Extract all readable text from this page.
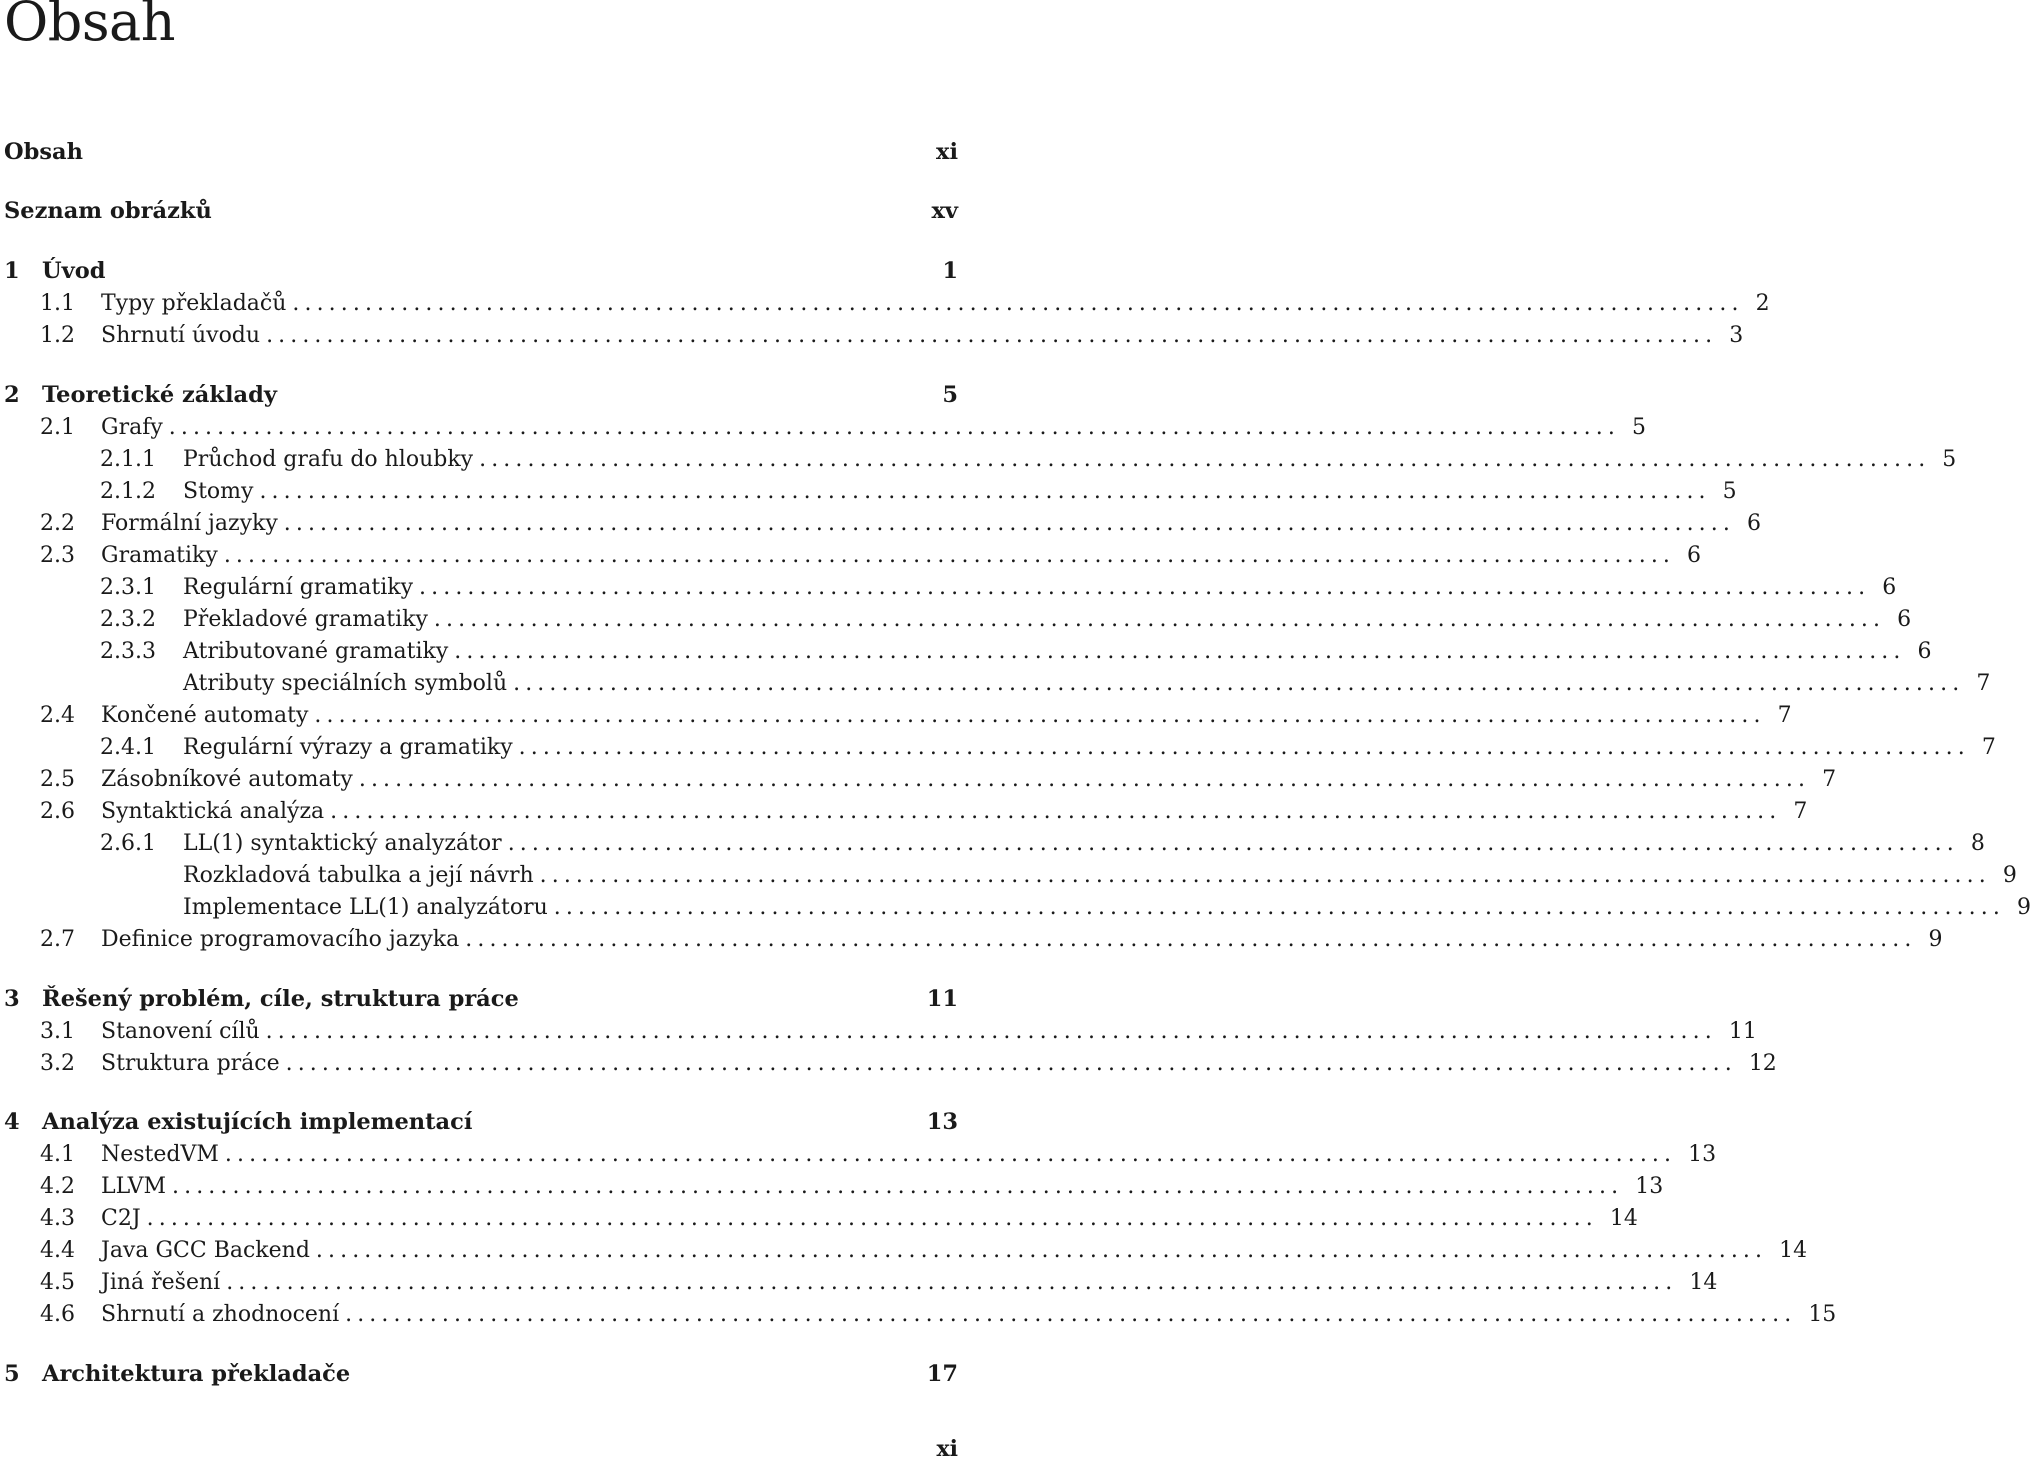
Obsah
Obsah	xi
Seznam obrázků	xv
1 Úvod	1
1.1	Typy překladačů ........................................................................................................................ 2
1.2	Shrnutí úvodu ........................................................................................................................ 3
2 Teoretické základy	5
2.1	Grafy ........................................................................................................................ 5
2.1.1	Průchod grafu do hloubky ........................................................................................................................ 5
2.1.2	Stomy ........................................................................................................................ 5
2.2	Formální jazyky ........................................................................................................................ 6
2.3	Gramatiky ........................................................................................................................ 6
2.3.1	Regulární gramatiky ........................................................................................................................ 6
2.3.2	Překladové gramatiky ........................................................................................................................ 6
2.3.3	Atributované gramatiky ........................................................................................................................ 6
Atributy speciálních symbolů ........................................................................................................................ 7
2.4	Končené automaty ........................................................................................................................ 7
2.4.1	Regulární výrazy a gramatiky ........................................................................................................................ 7
2.5	Zásobníkové automaty ........................................................................................................................ 7
2.6	Syntaktická analýza ........................................................................................................................ 7
2.6.1	LL(1) syntaktický analyzátor ........................................................................................................................ 8
Rozkladová tabulka a její návrh ........................................................................................................................ 9
Implementace LL(1) analyzátoru ........................................................................................................................ 9
2.7	Definice programovacího jazyka ........................................................................................................................ 9
3 Řešený problém, cíle, struktura práce	11
3.1	Stanovení cílů ........................................................................................................................ 11
3.2	Struktura práce ........................................................................................................................ 12
4 Analýza existujících implementací	13
4.1	NestedVM ........................................................................................................................ 13
4.2	LLVM ........................................................................................................................ 13
4.3	C2J ........................................................................................................................ 14
4.4	Java GCC Backend ........................................................................................................................ 14
4.5	Jiná řešení ........................................................................................................................ 14
4.6	Shrnutí a zhodnocení ........................................................................................................................ 15
5 Architektura překladače	17
xi
